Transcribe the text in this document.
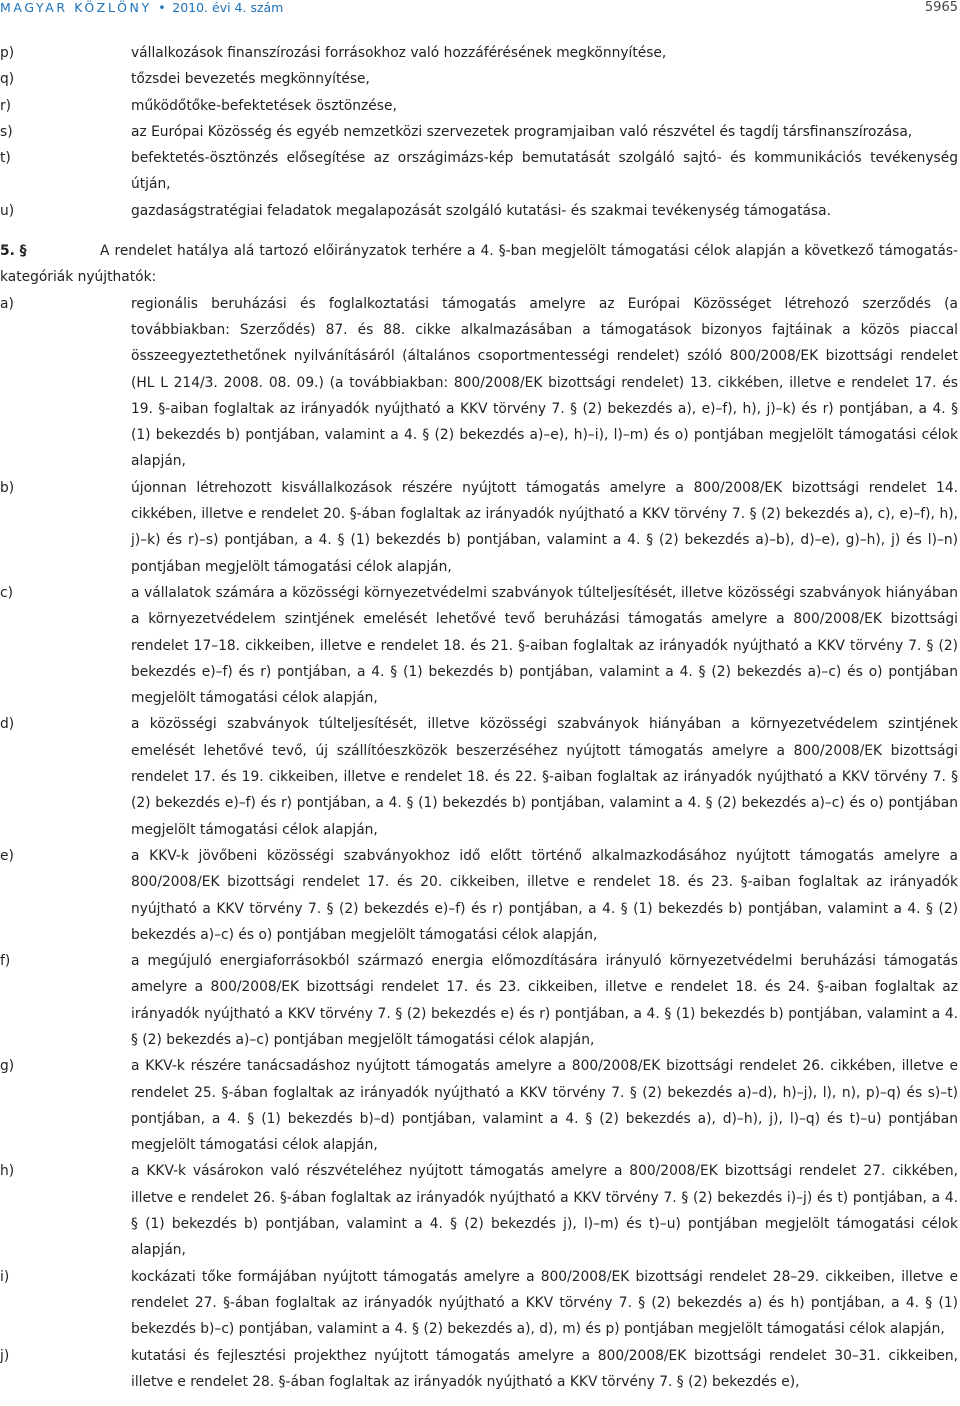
MAGYAR KÖZLÖNY • 2010. évi 4. szám	5965
p)	vállalkozások finanszírozási forrásokhoz való hozzáférésének megkönnyítése,
q)	tőzsdei bevezetés megkönnyítése,
r)	működőtőke-befektetések ösztönzése,
s)	az Európai Közösség és egyéb nemzetközi szervezetek programjaiban való részvétel és tagdíj társfinanszírozása,
t)	befektetés-ösztönzés elősegítése az országimázs-kép bemutatását szolgáló sajtó- és kommunikációs tevékenység útján,
u)	gazdaságstratégiai feladatok megalapozását szolgáló kutatási- és szakmai tevékenység támogatása.
5. §	A rendelet hatálya alá tartozó előirányzatok terhére a 4. §-ban megjelölt támogatási célok alapján a következő támogatás-kategóriák nyújthatók:

a)	regionális beruházási és foglalkoztatási támogatás amelyre az Európai Közösséget létrehozó szerződés (a továbbiakban: Szerződés) 87. és 88. cikke alkalmazásában a támogatások bizonyos fajtáinak a közös piaccal összeegyeztethetőnek nyilvánításáról (általános csoportmentességi rendelet) szóló 800/2008/EK bizottsági rendelet (HL L 214/3. 2008. 08. 09.) (a továbbiakban: 800/2008/EK bizottsági rendelet) 13. cikkében, illetve e rendelet 17. és 19. §-aiban foglaltak az irányadók nyújtható a KKV törvény 7. § (2) bekezdés a), e)–f), h), j)–k) és r) pontjában, a 4. § (1) bekezdés b) pontjában, valamint a 4. § (2) bekezdés a)–e), h)–i), l)–m) és o) pontjában megjelölt támogatási célok alapján,
b)	újonnan létrehozott kisvállalkozások részére nyújtott támogatás amelyre a 800/2008/EK bizottsági rendelet 14. cikkében, illetve e rendelet 20. §-ában foglaltak az irányadók nyújtható a KKV törvény 7. § (2) bekezdés a), c), e)–f), h), j)–k) és r)–s) pontjában, a 4. § (1) bekezdés b) pontjában, valamint a 4. § (2) bekezdés a)–b), d)–e), g)–h), j) és l)–n) pontjában megjelölt támogatási célok alapján,
c)	a vállalatok számára a közösségi környezetvédelmi szabványok túlteljesítését, illetve közösségi szabványok hiányában a környezetvédelem szintjének emelését lehetővé tevő beruházási támogatás amelyre a 800/2008/EK bizottsági rendelet 17–18. cikkeiben, illetve e rendelet 18. és 21. §-aiban foglaltak az irányadók nyújtható a KKV törvény 7. § (2) bekezdés e)–f) és r) pontjában, a 4. § (1) bekezdés b) pontjában, valamint a 4. § (2) bekezdés a)–c) és o) pontjában megjelölt támogatási célok alapján,
d)	a közösségi szabványok túlteljesítését, illetve közösségi szabványok hiányában a környezetvédelem szintjének emelését lehetővé tevő, új szállítóeszközök beszerzéséhez nyújtott támogatás amelyre a 800/2008/EK bizottsági rendelet 17. és 19. cikkeiben, illetve e rendelet 18. és 22. §-aiban foglaltak az irányadók nyújtható a KKV törvény 7. § (2) bekezdés e)–f) és r) pontjában, a 4. § (1) bekezdés b) pontjában, valamint a 4. § (2) bekezdés a)–c) és o) pontjában megjelölt támogatási célok alapján,
e)	a KKV-k jövőbeni közösségi szabványokhoz idő előtt történő alkalmazkodásához nyújtott támogatás amelyre a 800/2008/EK bizottsági rendelet 17. és 20. cikkeiben, illetve e rendelet 18. és 23. §-aiban foglaltak az irányadók nyújtható a KKV törvény 7. § (2) bekezdés e)–f) és r) pontjában, a 4. § (1) bekezdés b) pontjában, valamint a 4. § (2) bekezdés a)–c) és o) pontjában megjelölt támogatási célok alapján,
f)	a megújuló energiaforrásokból származó energia előmozdítására irányuló környezetvédelmi beruházási támogatás amelyre a 800/2008/EK bizottsági rendelet 17. és 23. cikkeiben, illetve e rendelet 18. és 24. §-aiban foglaltak az irányadók nyújtható a KKV törvény 7. § (2) bekezdés e) és r) pontjában, a 4. § (1) bekezdés b) pontjában, valamint a 4. § (2) bekezdés a)–c) pontjában megjelölt támogatási célok alapján,
g)	a KKV-k részére tanácsadáshoz nyújtott támogatás amelyre a 800/2008/EK bizottsági rendelet 26. cikkében, illetve e rendelet 25. §-ában foglaltak az irányadók nyújtható a KKV törvény 7. § (2) bekezdés a)–d), h)–j), l), n), p)–q) és s)–t) pontjában, a 4. § (1) bekezdés b)–d) pontjában, valamint a 4. § (2) bekezdés a), d)–h), j), l)–q) és t)–u) pontjában megjelölt támogatási célok alapján,
h)	a KKV-k vásárokon való részvételéhez nyújtott támogatás amelyre a 800/2008/EK bizottsági rendelet 27. cikkében, illetve e rendelet 26. §-ában foglaltak az irányadók nyújtható a KKV törvény 7. § (2) bekezdés i)–j) és t) pontjában, a 4. § (1) bekezdés b) pontjában, valamint a 4. § (2) bekezdés j), l)–m) és t)–u) pontjában megjelölt támogatási célok alapján,
i)	kockázati tőke formájában nyújtott támogatás amelyre a 800/2008/EK bizottsági rendelet 28–29. cikkeiben, illetve e rendelet 27. §-ában foglaltak az irányadók nyújtható a KKV törvény 7. § (2) bekezdés a) és h) pontjában, a 4. § (1) bekezdés b)–c) pontjában, valamint a 4. § (2) bekezdés a), d), m) és p) pontjában megjelölt támogatási célok alapján,
j)	kutatási és fejlesztési projekthez nyújtott támogatás amelyre a 800/2008/EK bizottsági rendelet 30–31. cikkeiben, illetve e rendelet 28. §-ában foglaltak az irányadók nyújtható a KKV törvény 7. § (2) bekezdés e),
